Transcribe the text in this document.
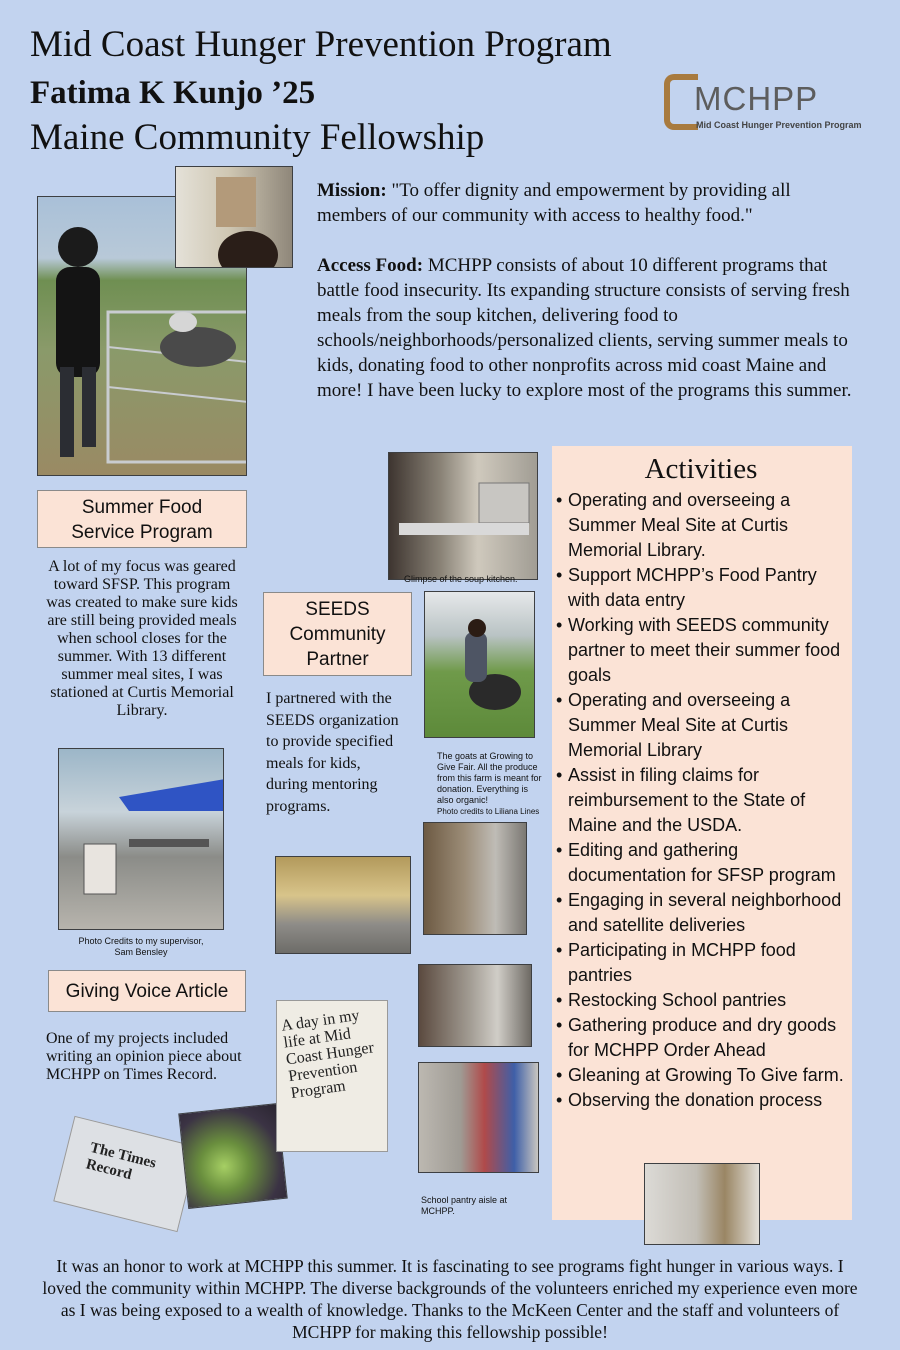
Mid Coast Hunger Prevention Program
Fatima K Kunjo ’25
Maine Community Fellowship
MCHPP
Mid Coast Hunger Prevention Program
Mission: "To offer dignity and empowerment by providing all members of our community with access to healthy food."
Access Food: MCHPP consists of about 10 different programs that battle food insecurity. Its expanding structure consists of serving fresh meals from the soup kitchen, delivering food to schools/neighborhoods/personalized clients, serving summer meals to kids, donating food to other nonprofits across mid coast Maine and more! I have been lucky to explore most of the programs this summer.
Summer Food
Service Program
A lot of my focus was geared toward SFSP. This program was created to make sure kids are still being provided meals when school closes for the summer. With 13 different summer meal sites, I was stationed at Curtis Memorial Library.
Photo Credits to my supervisor,
Sam Bensley
Giving Voice Article
One of my projects included writing an opinion piece about MCHPP on Times Record.
The Times Record
A day in my life at Mid Coast Hunger Prevention Program
SEEDS
Community
Partner
I partnered with the SEEDS organization to provide specified meals for kids, during mentoring programs.
Glimpse of the soup kitchen.
The goats at Growing to Give Fair. All the produce from this farm is meant for donation. Everything is also organic!
Photo credits to Liliana Lines
School pantry aisle at MCHPP.
Activities
• Operating and overseeing a Summer Meal Site at Curtis Memorial Library.
• Support MCHPP’s Food Pantry with data entry
• Working with SEEDS community partner to meet their summer food goals
• Operating and overseeing a Summer Meal Site at Curtis Memorial Library
• Assist in filing claims for reimbursement to the State of Maine and the USDA.
• Editing and gathering documentation for SFSP program
• Engaging in several neighborhood and satellite deliveries
• Participating in MCHPP food pantries
• Restocking School pantries
• Gathering produce and dry goods for MCHPP Order Ahead
• Gleaning at Growing To Give farm.
• Observing the donation process
It was an honor to work at MCHPP this summer. It is fascinating to see programs fight hunger in various ways. I loved the community within MCHPP. The diverse backgrounds of the volunteers enriched my experience even more as I was being exposed to a wealth of knowledge. Thanks to the McKeen Center and the staff and volunteers of MCHPP for making this fellowship possible!
